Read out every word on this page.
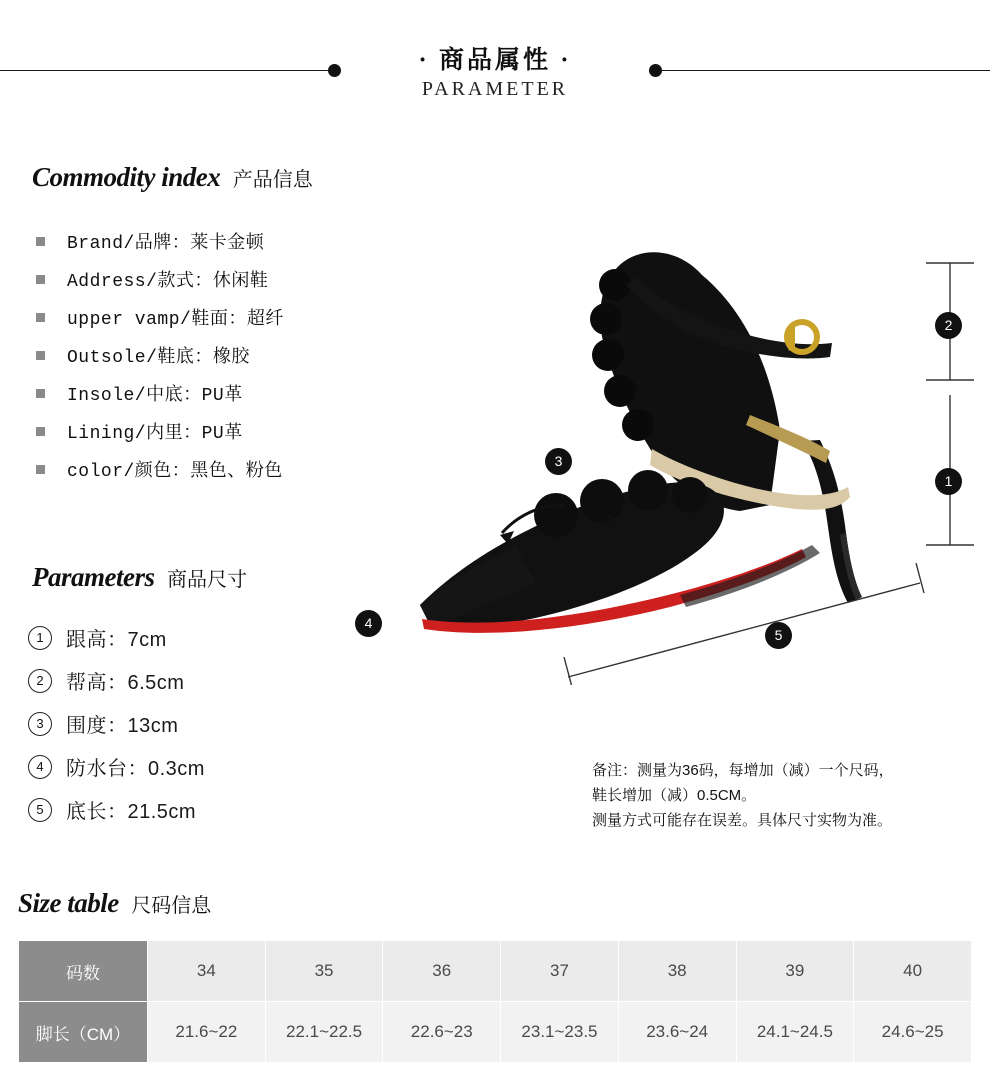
· 商品属性 ·
PARAMETER
Commodity index 产品信息
Brand/品牌：莱卡金顿
Address/款式：休闲鞋
upper vamp/鞋面：超纤
Outsole/鞋底：橡胶
Insole/中底：PU革
Lining/内里：PU革
color/颜色：黑色、粉色
Parameters 商品尺寸
1	跟高：7cm
2	帮高：6.5cm
3	围度：13cm
4	防水台：0.3cm
5	底长：21.5cm
2
1
3
4
5
备注：测量为36码，每增加（减）一个尺码，
鞋长增加（减）0.5CM。
测量方式可能存在误差。具体尺寸实物为准。
Size table 尺码信息
码数	34	35	36	37	38	39	40
脚长（CM）	21.6~22	22.1~22.5	22.6~23	23.1~23.5	23.6~24	24.1~24.5	24.6~25
